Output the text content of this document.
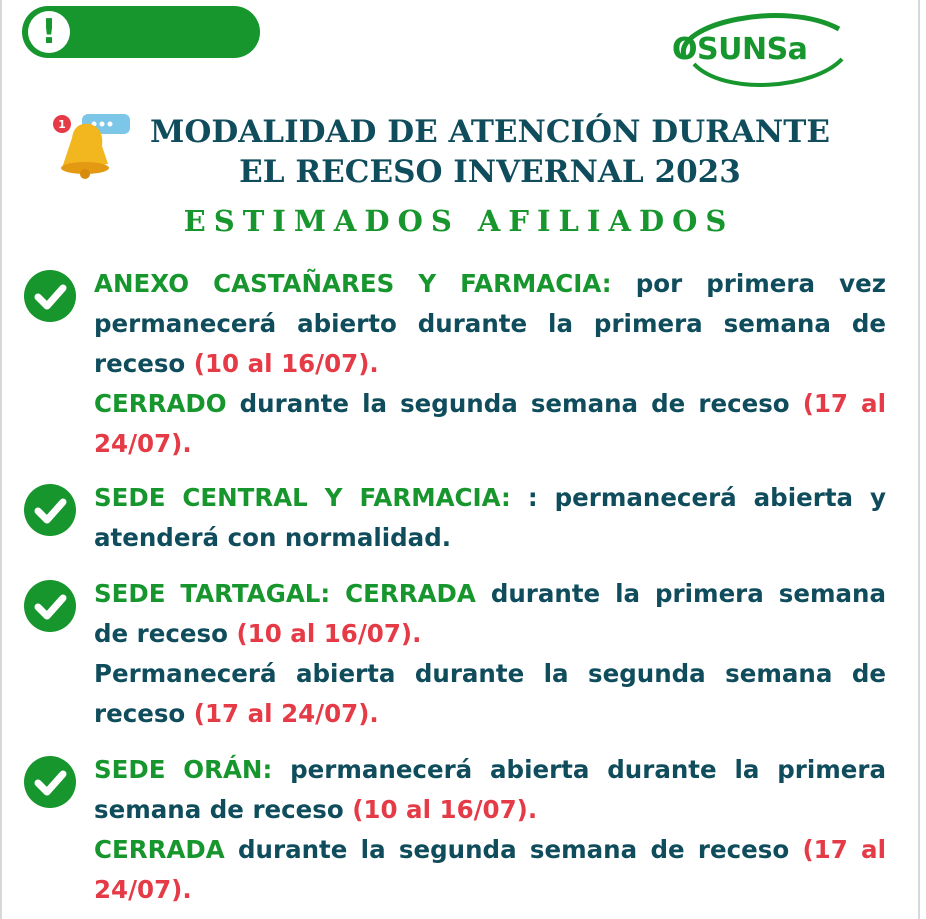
!	OSUNSa
1	MODALIDAD DE ATENCIÓN DURANTE
EL RECESO INVERNAL 2023
ESTIMADOS AFILIADOS

ANEXO CASTAÑARES Y FARMACIA: por primera vez permanecerá abierto durante la primera semana de receso (10 al 16/07).

CERRADO durante la segunda semana de receso (17 al 24/07).

SEDE CENTRAL Y FARMACIA: : permanecerá abierta y atenderá con normalidad.

SEDE TARTAGAL: CERRADA durante la primera semana de receso (10 al 16/07).

Permanecerá abierta durante la segunda semana de receso (17 al 24/07).

SEDE ORÁN: permanecerá abierta durante la primera semana de receso (10 al 16/07).

CERRADA durante la segunda semana de receso (17 al 24/07).
